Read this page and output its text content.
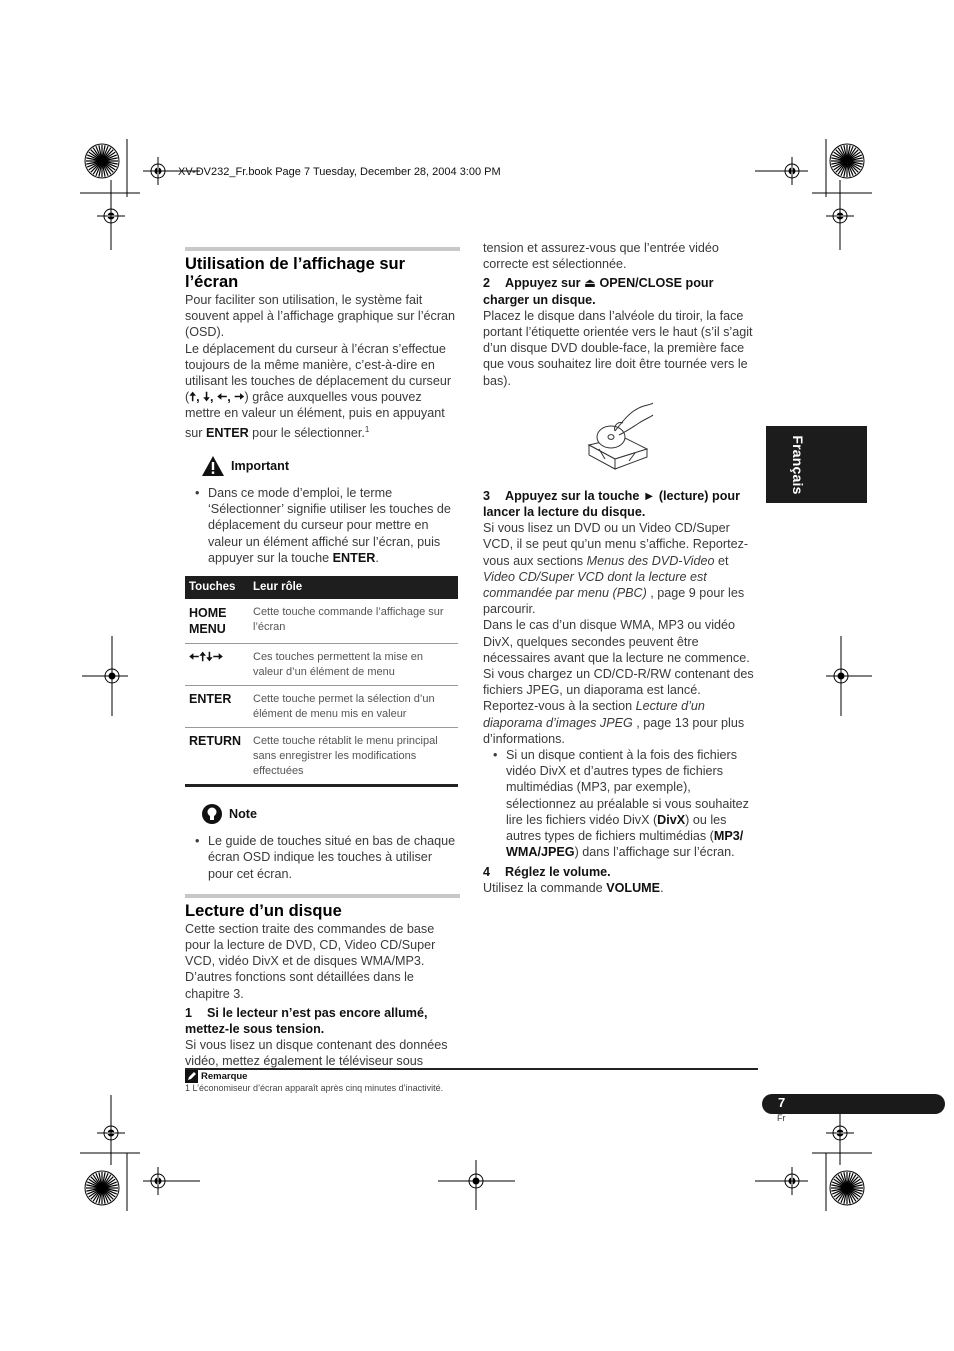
XV-DV232_Fr.book Page 7 Tuesday, December 28, 2004 3:00 PM
Utilisation de l’affichage sur l’écran

Pour faciliter son utilisation, le système fait souvent appel à l’affichage graphique sur l’écran (OSD).

Le déplacement du curseur à l’écran s’effectue toujours de la même manière, c’est-à-dire en utilisant les touches de déplacement du curseur (🠅, 🠇, 🠄, 🠆) grâce auxquelles vous pouvez mettre en valeur un élément, puis en appuyant sur ENTER pour le sélectionner.$^1$

Important

• Dans ce mode d’emploi, le terme ‘Sélectionner’ signifie utiliser les touches de déplacement du curseur pour mettre en valeur un élément affiché sur l’écran, puis appuyer sur la touche ENTER.

Touches	Leur rôle
HOME MENU	Cette touche commande l’affichage sur l’écran
🠄🠅🠇🠆	Ces touches permettent la mise en valeur d’un élément de menu
ENTER	Cette touche permet la sélection d’un élément de menu mis en valeur
RETURN	Cette touche rétablit le menu principal sans enregistrer les modifications effectuées
Note

• Le guide de touches situé en bas de chaque écran OSD indique les touches à utiliser pour cet écran.

Lecture d’un disque

Cette section traite des commandes de base pour la lecture de DVD, CD, Video CD/Super VCD, vidéo DivX et de disques WMA/MP3. D’autres fonctions sont détaillées dans le chapitre 3.

1 Si le lecteur n’est pas encore allumé, mettez-le sous tension.

Si vous lisez un disque contenant des données vidéo, mettez également le téléviseur sous

tension et assurez-vous que l’entrée vidéo correcte est sélectionnée.

2 Appuyez sur ⏏ OPEN/CLOSE pour charger un disque.

Placez le disque dans l’alvéole du tiroir, la face portant l’étiquette orientée vers le haut (s’il s’agit d’un disque DVD double-face, la première face que vous souhaitez lire doit être tournée vers le bas).

3 Appuyez sur la touche ► (lecture) pour lancer la lecture du disque.

Si vous lisez un DVD ou un Video CD/Super VCD, il se peut qu’un menu s’affiche. Reportez-vous aux sections Menus des DVD-Video et Video CD/Super VCD dont la lecture est commandée par menu (PBC) , page 9 pour les parcourir.

Dans le cas d’un disque WMA, MP3 ou vidéo DivX, quelques secondes peuvent être nécessaires avant que la lecture ne commence.

Si vous chargez un CD/CD-R/RW contenant des fichiers JPEG, un diaporama est lancé. Reportez-vous à la section Lecture d’un diaporama d’images JPEG , page 13 pour plus d’informations.

• Si un disque contient à la fois des fichiers vidéo DivX et d’autres types de fichiers multimédias (MP3, par exemple), sélectionnez au préalable si vous souhaitez lire les fichiers vidéo DivX (DivX) ou les autres types de fichiers multimédias (MP3/ WMA/JPEG) dans l’affichage sur l’écran.

4 Réglez le volume.

Utilisez la commande VOLUME.

Français
Remarque
1 L’économiseur d’écran apparaît après cinq minutes d’inactivité.
7
Fr
